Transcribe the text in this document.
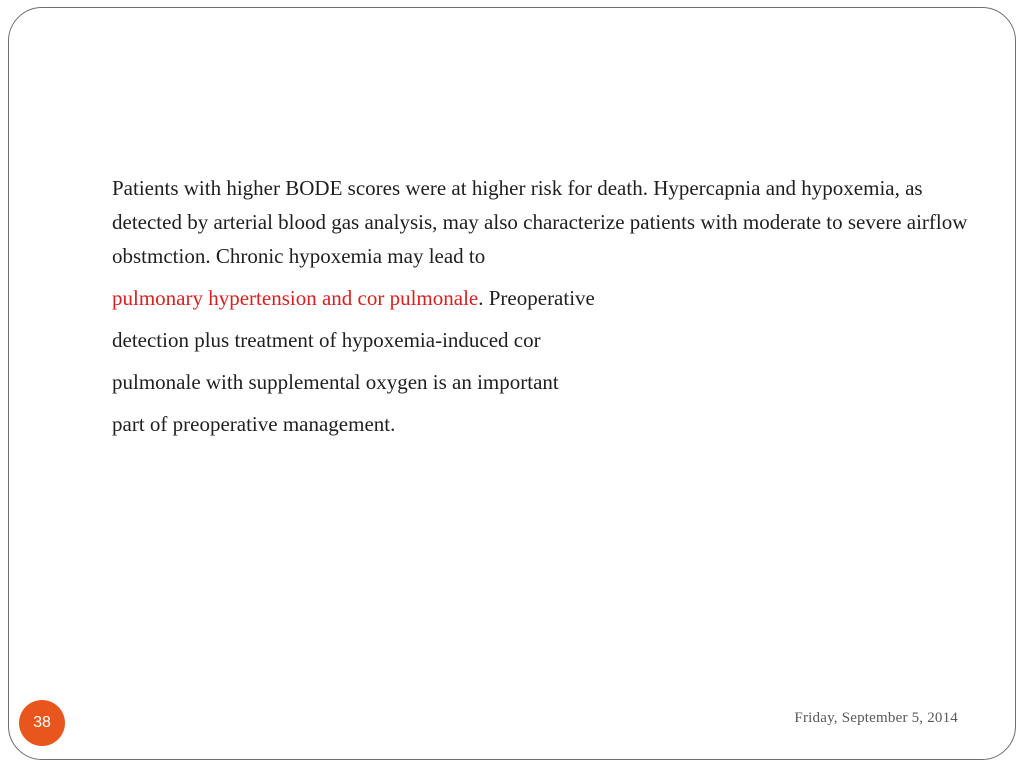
Patients with higher BODE scores were at higher risk for death. Hypercapnia and hypoxemia, as detected by arterial blood gas analysis, may also characterize patients with moderate to severe airflow obstmction. Chronic hypoxemia may lead to

pulmonary hypertension and cor pulmonale. Preoperative

detection plus treatment of hypoxemia-induced cor

pulmonale with supplemental oxygen is an important

part of preoperative management.

38	Friday, September 5, 2014
